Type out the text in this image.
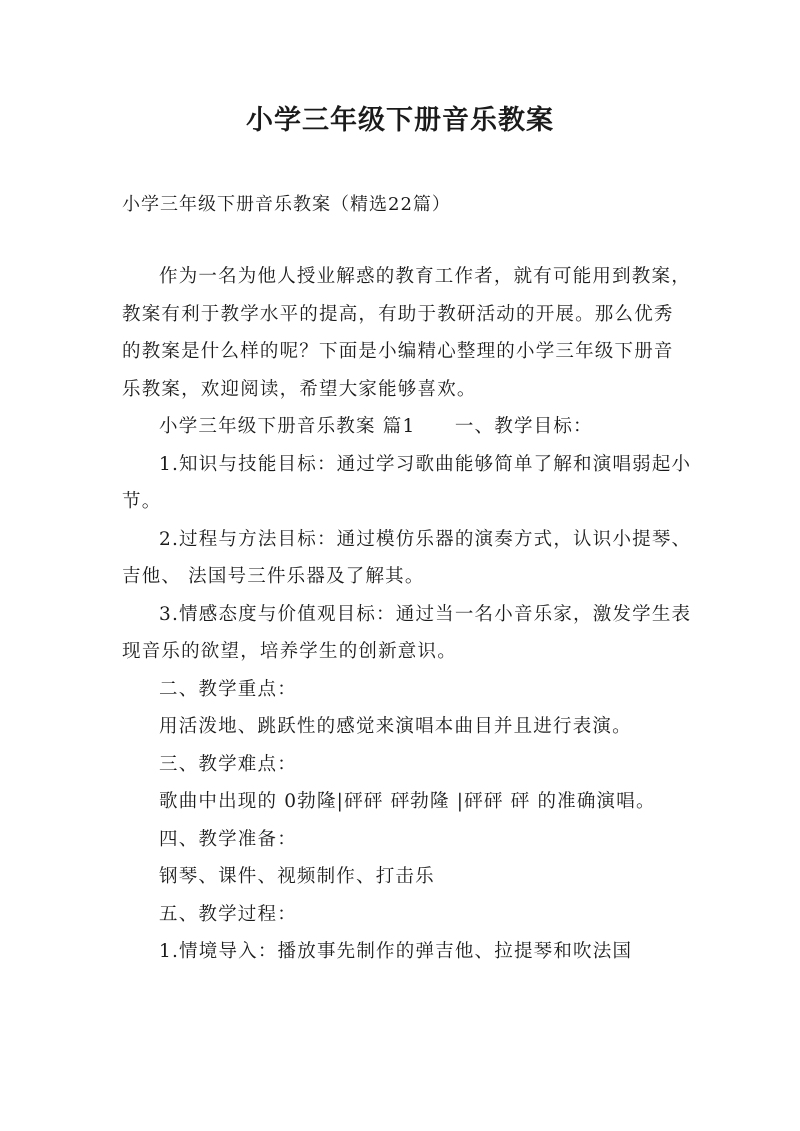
小学三年级下册音乐教案

小学三年级下册音乐教案（精选22篇）

作为一名为他人授业解惑的教育工作者，就有可能用到教案，教案有利于教学水平的提高，有助于教研活动的开展。那么优秀的教案是什么样的呢？下面是小编精心整理的小学三年级下册音乐教案，欢迎阅读，希望大家能够喜欢。

小学三年级下册音乐教案 篇1　　一、教学目标：

1.知识与技能目标：通过学习歌曲能够简单了解和演唱弱起小节。

2.过程与方法目标：通过模仿乐器的演奏方式，认识小提琴、吉他、 法国号三件乐器及了解其。

3.情感态度与价值观目标：通过当一名小音乐家，激发学生表现音乐的欲望，培养学生的创新意识。

二、教学重点：

用活泼地、跳跃性的感觉来演唱本曲目并且进行表演。

三、教学难点：

歌曲中出现的 0勃隆|砰砰 砰勃隆 |砰砰 砰 的准确演唱。

四、教学准备：

钢琴、课件、视频制作、打击乐

五、教学过程：

1.情境导入：播放事先制作的弹吉他、拉提琴和吹法国
